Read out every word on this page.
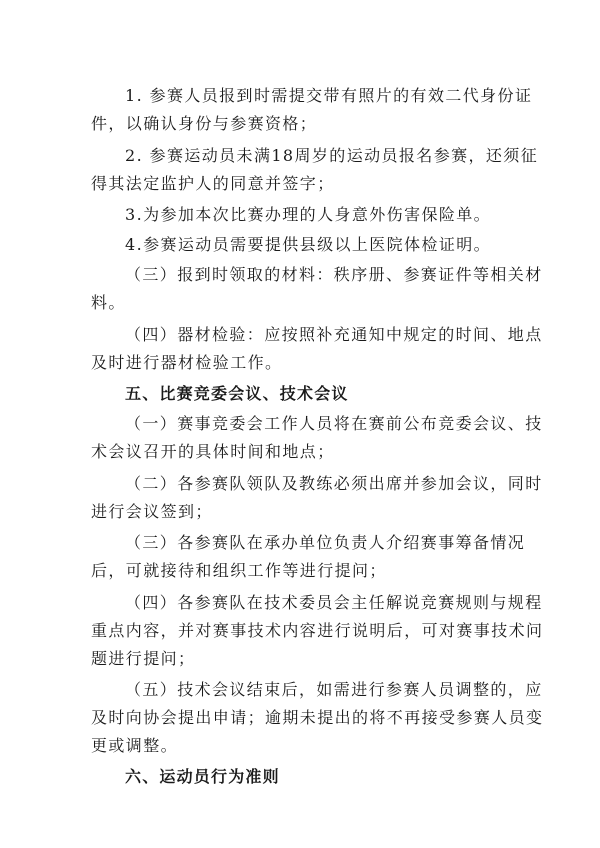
1. 参赛人员报到时需提交带有照片的有效二代身份证
件，以确认身份与参赛资格；
2. 参赛运动员未满18周岁的运动员报名参赛，还须征
得其法定监护人的同意并签字；
3.为参加本次比赛办理的人身意外伤害保险单。
4.参赛运动员需要提供县级以上医院体检证明。
（三）报到时领取的材料：秩序册、参赛证件等相关材
料。
（四）器材检验：应按照补充通知中规定的时间、地点
及时进行器材检验工作。
五、比赛竞委会议、技术会议
（一）赛事竞委会工作人员将在赛前公布竞委会议、技
术会议召开的具体时间和地点；
（二）各参赛队领队及教练必须出席并参加会议，同时
进行会议签到；
（三）各参赛队在承办单位负责人介绍赛事筹备情况
后，可就接待和组织工作等进行提问；
（四）各参赛队在技术委员会主任解说竞赛规则与规程
重点内容，并对赛事技术内容进行说明后，可对赛事技术问
题进行提问；
（五）技术会议结束后，如需进行参赛人员调整的，应
及时向协会提出申请；逾期未提出的将不再接受参赛人员变
更或调整。
六、运动员行为准则
